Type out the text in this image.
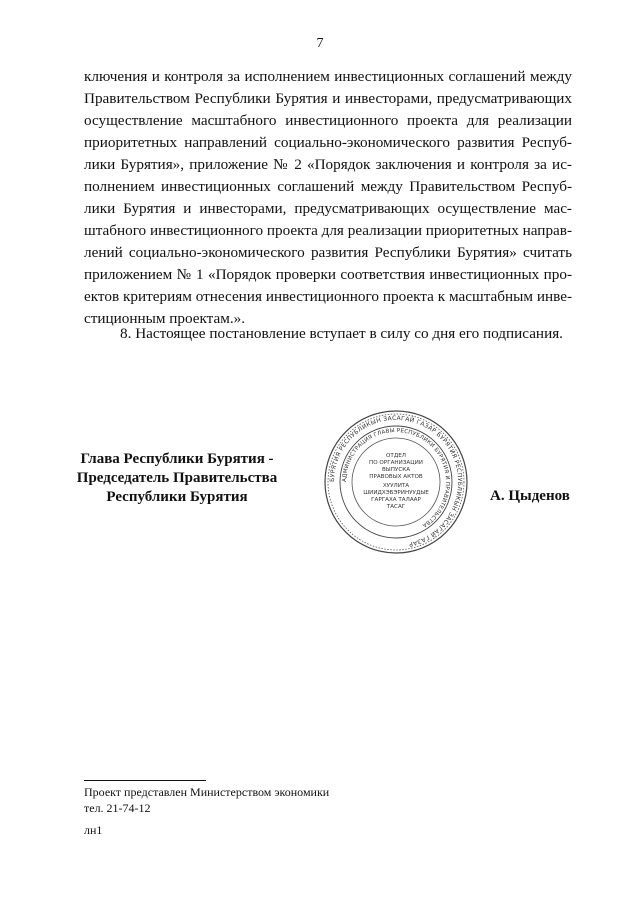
7
ключения и контроля за исполнением инвестиционных соглашений между
Правительством Республики Бурятия и инвесторами, предусматривающих
осуществление масштабного инвестиционного проекта для реализации
приоритетных направлений социально-экономического развития Респуб-
лики Бурятия», приложение № 2 «Порядок заключения и контроля за ис-
полнением инвестиционных соглашений между Правительством Респуб-
лики Бурятия и инвесторами, предусматривающих осуществление мас-
штабного инвестиционного проекта для реализации приоритетных направ-
лений социально-экономического развития Республики Бурятия» считать
приложением № 1 «Порядок проверки соответствия инвестиционных про-
ектов критериям отнесения инвестиционного проекта к масштабным инве-
стиционным проектам.».
8. Настоящее постановление вступает в силу со дня его подписания.
Глава Республики Бурятия -
Председатель Правительства
Республики Бурятия
БУРЯТИЯ РЕСПУБЛИКЫН ЗАСАГАЙ ГАЗАР БУРЯТИЯ РЕСПУБЛИКЫН ЗАСАГАЙ ГАЗАР
АДМИНИСТРАЦИЯ ГЛАВЫ РЕСПУБЛИКИ БУРЯТИЯ И ПРАВИТЕЛЬСТВА
ОТДЕЛ
ПО ОРГАНИЗАЦИИ
ВЫПУСКА
ПРАВОВЫХ АКТОВ
ХУУЛИТА
ШИИДХЭБЭРИНУУДЫЕ
ГАРГАХА ТАЛААР
ТАСАГ
А. Цыденов
Проект представлен Министерством экономики
тел. 21-74-12
лн1
